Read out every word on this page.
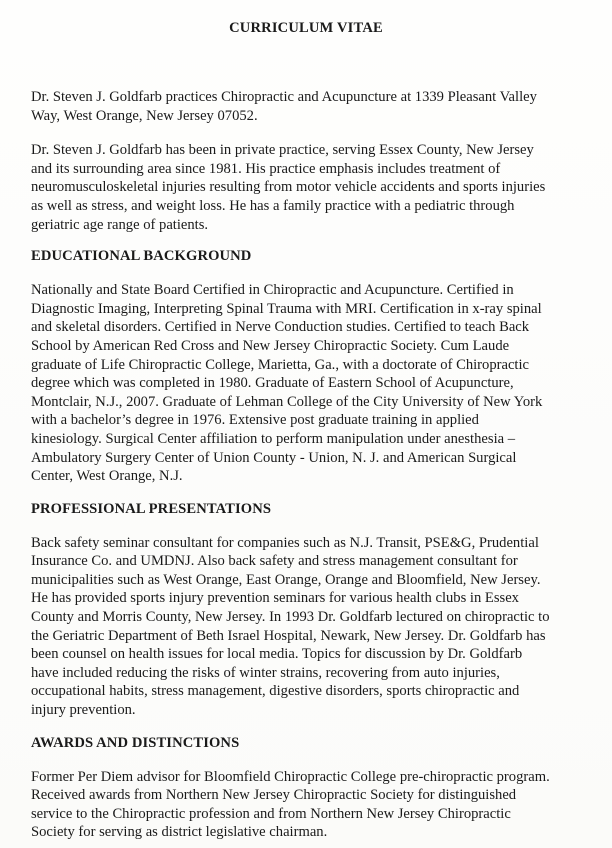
CURRICULUM VITAE

Dr. Steven J. Goldfarb practices Chiropractic and Acupuncture at 1339 Pleasant Valley
Way, West Orange, New Jersey 07052.

Dr. Steven J. Goldfarb has been in private practice, serving Essex County, New Jersey
and its surrounding area since 1981. His practice emphasis includes treatment of
neuromusculoskeletal injuries resulting from motor vehicle accidents and sports injuries
as well as stress, and weight loss. He has a family practice with a pediatric through
geriatric age range of patients.

EDUCATIONAL BACKGROUND

Nationally and State Board Certified in Chiropractic and Acupuncture. Certified in
Diagnostic Imaging, Interpreting Spinal Trauma with MRI. Certification in x-ray spinal
and skeletal disorders. Certified in Nerve Conduction studies. Certified to teach Back
School by American Red Cross and New Jersey Chiropractic Society. Cum Laude
graduate of Life Chiropractic College, Marietta, Ga., with a doctorate of Chiropractic
degree which was completed in 1980. Graduate of Eastern School of Acupuncture,
Montclair, N.J., 2007. Graduate of Lehman College of the City University of New York
with a bachelor’s degree in 1976. Extensive post graduate training in applied
kinesiology. Surgical Center affiliation to perform manipulation under anesthesia –
Ambulatory Surgery Center of Union County - Union, N. J. and American Surgical
Center, West Orange, N.J.

PROFESSIONAL PRESENTATIONS

Back safety seminar consultant for companies such as N.J. Transit, PSE&G, Prudential
Insurance Co. and UMDNJ. Also back safety and stress management consultant for
municipalities such as West Orange, East Orange, Orange and Bloomfield, New Jersey.
He has provided sports injury prevention seminars for various health clubs in Essex
County and Morris County, New Jersey. In 1993 Dr. Goldfarb lectured on chiropractic to
the Geriatric Department of Beth Israel Hospital, Newark, New Jersey. Dr. Goldfarb has
been counsel on health issues for local media. Topics for discussion by Dr. Goldfarb
have included reducing the risks of winter strains, recovering from auto injuries,
occupational habits, stress management, digestive disorders, sports chiropractic and
injury prevention.

AWARDS AND DISTINCTIONS

Former Per Diem advisor for Bloomfield Chiropractic College pre-chiropractic program.
Received awards from Northern New Jersey Chiropractic Society for distinguished
service to the Chiropractic profession and from Northern New Jersey Chiropractic
Society for serving as district legislative chairman.
